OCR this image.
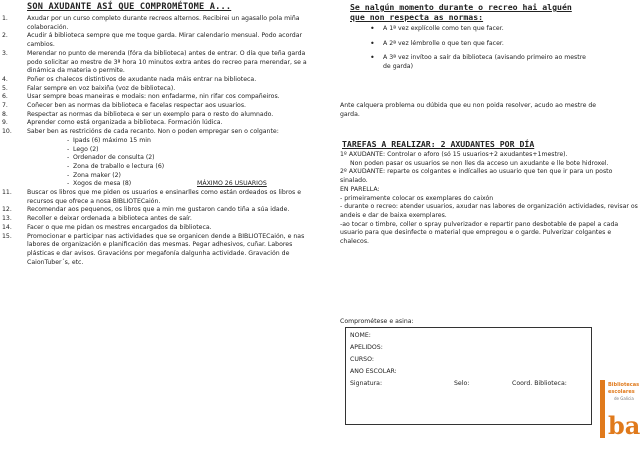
SON AXUDANTE ASÍ QUE COMPROMÉTOME A...
1.	Axudar por un curso completo durante recreos alternos. Recibirei un agasallo pola miña colaboración.
2.	Acudir á biblioteca sempre que me toque garda. Mirar calendario mensual. Podo acordar cambios.
3.	Merendar no punto de merenda (fóra da biblioteca) antes de entrar. O día que teña garda podo solicitar ao mestre de 3ª hora 10 minutos extra antes do recreo para merendar, se a dinámica da materia o permite.
4.	Poñer os chalecos distintivos de axudante nada máis entrar na biblioteca.
5.	Falar sempre en voz baixiña (voz de biblioteca).
6.	Usar sempre boas maneiras e modais: non enfadarme, nin rifar cos compañeiros.
7.	Coñecer ben as normas da biblioteca e facelas respectar aos usuarios.
8.	Respectar as normas da biblioteca e ser un exemplo para o resto do alumnado.
9.	Aprender como está organizada a biblioteca. Formación lúdica.
10. Saber ben as restricións de cada recanto. Non o poden empregar sen o colgante:
- Ipads (6) máximo 15 min
- Lego (2)
- Ordenador de consulta (2)
- Zona de traballo e lectura (6)
- Zona maker (2)
- Xogos de mesa (8)	MÁXIMO 26 USUARIOS
11. Buscar os libros que me piden os usuarios e ensinarlles como están ordeados os libros e recursos que ofrece a nosa BIBLIOTECaión.
12. Recomendar aos pequenos, os libros que a min me gustaron cando tiña a súa idade.
13. Recoller e deixar ordenada a biblioteca antes de saír.
14. Facer o que me pidan os mestres encargados da biblioteca.
15. Promocionar e participar nas actividades que se organicen dende a BIBLIOTECaión, e nas labores de organización e planificación das mesmas. Pegar adhesivos, cuñar. Labores plásticas e dar avisos. Gravacións por megafonía dalgunha actividade. Gravación de CaionTuber´s, etc.
Se nalgún momento durante o recreo hai alguén que non respecta as normas:
• A 1ª vez explícolle como ten que facer.
• A 2ª vez lémbrolle o que ten que facer.
• A 3ª vez invítoo a saír da biblioteca (avisando primeiro ao mestre de garda)
Ante calquera problema ou dúbida que eu non poida resolver, acudo ao mestre de garda.
TAREFAS A REALIZAR: 2 AXUDANTES POR DÍA
1º AXUDANTE: Controlar o aforo (só 15 usuarios+2 axudantes+1mestre).
Non poden pasar os usuarios se non lles da acceso un axudante e lle bote hidroxel.
2º AXUDANTE: reparte os colgantes e indícalles ao usuario que ten que ir para un posto sinalado.
EN PARELLA:
- primeiramente colocar os exemplares do caixón
- durante o recreo: atender usuarios, axudar nas labores de organización actividades, revisar os andeis e dar de baixa exemplares.
-ao tocar o timbre, coller o spray pulverizador e repartir pano desbotable de papel a cada usuario para que desinfecte o material que empregou e o garde. Pulverizar colgantes e chalecos.
Comprométese e asina:
NOME:
APELIDOS:
CURSO:
ANO ESCOLAR:
Signatura:	Selo:	Coord. Biblioteca:	Bibliotecas
escolares
de Galicia
ba
